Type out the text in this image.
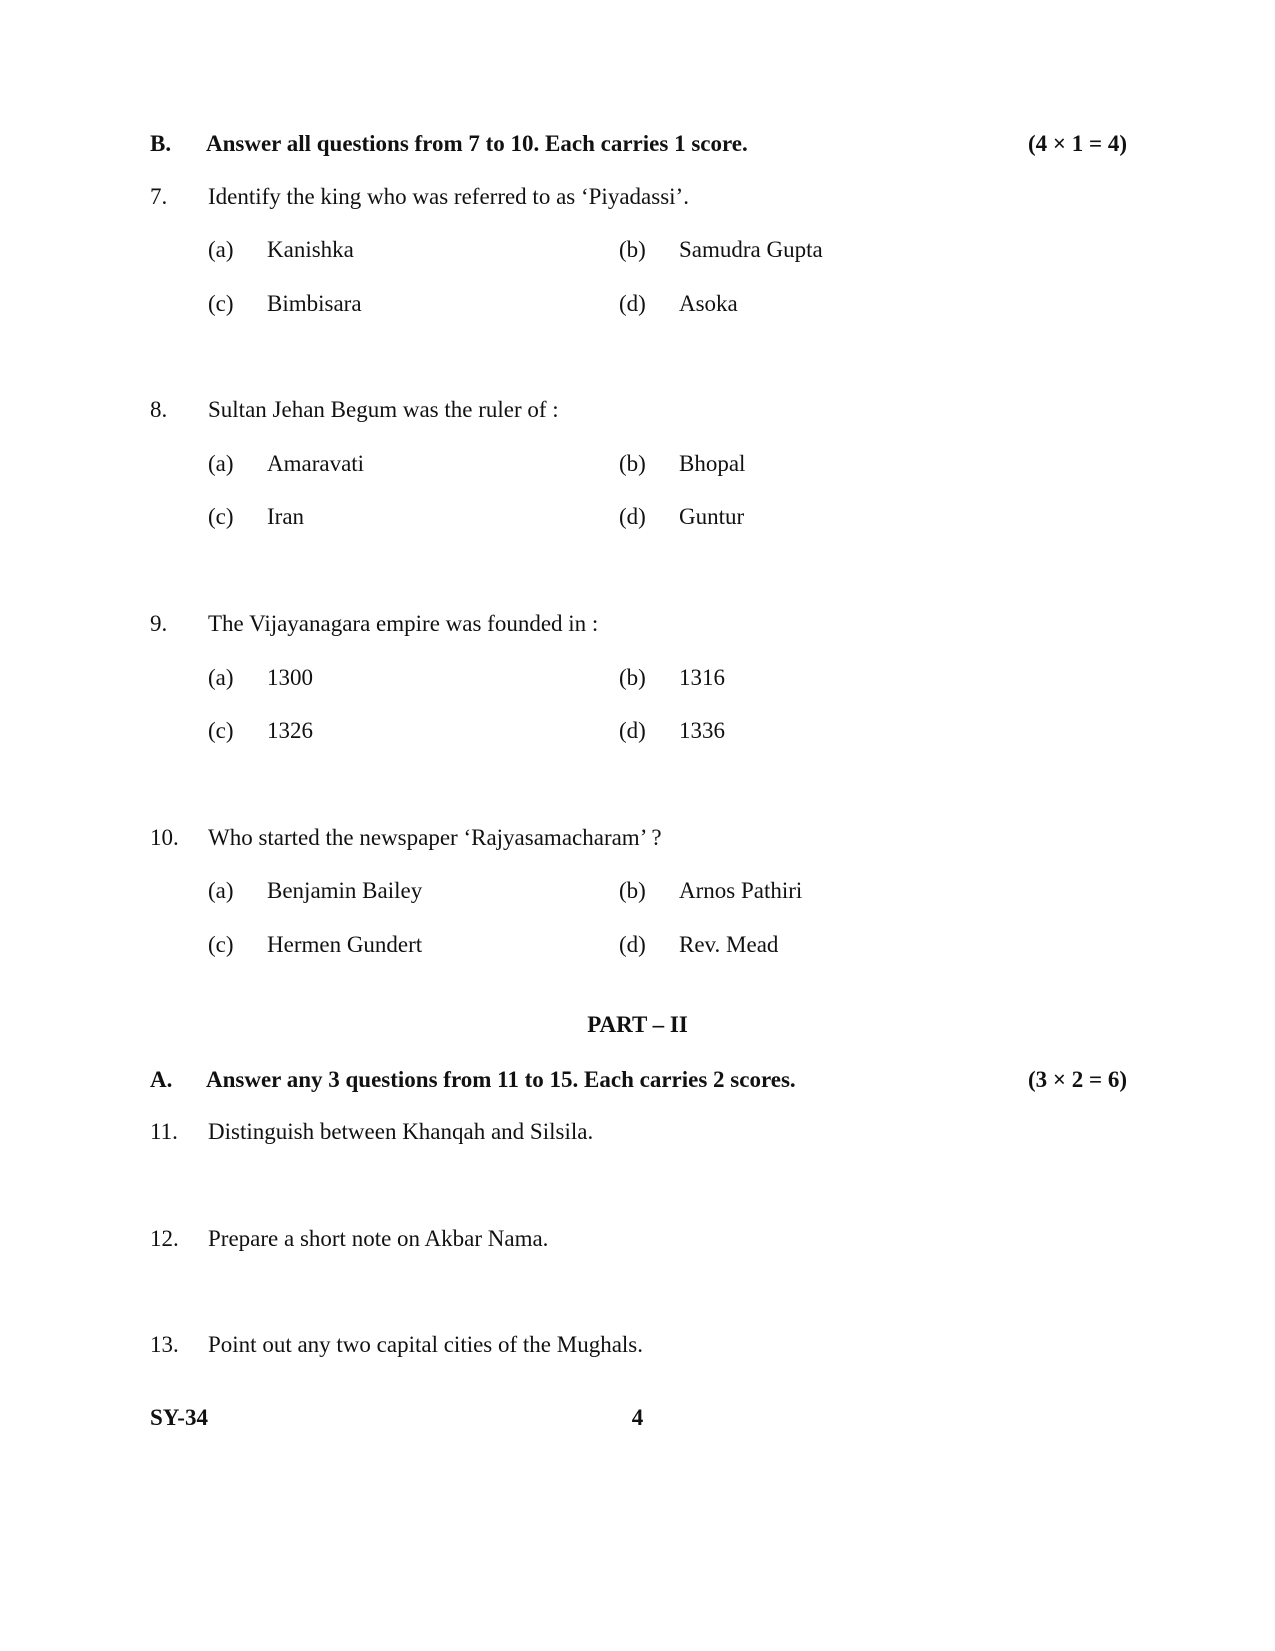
B. Answer all questions from 7 to 10. Each carries 1 score.	(4 × 1 = 4)
7. Identify the king who was referred to as ‘Piyadassi’.
(a) Kanishka	(b) Samudra Gupta
(c) Bimbisara	(d) Asoka
8. Sultan Jehan Begum was the ruler of :
(a) Amaravati	(b) Bhopal
(c) Iran	(d) Guntur
9. The Vijayanagara empire was founded in :
(a) 1300	(b) 1316
(c) 1326	(d) 1336
10. Who started the newspaper ‘Rajyasamacharam’ ?
(a) Benjamin Bailey	(b) Arnos Pathiri
(c) Hermen Gundert	(d) Rev. Mead
PART – II
A. Answer any 3 questions from 11 to 15. Each carries 2 scores.	(3 × 2 = 6)
11. Distinguish between Khanqah and Silsila.
12. Prepare a short note on Akbar Nama.
13. Point out any two capital cities of the Mughals.
SY-34	4
